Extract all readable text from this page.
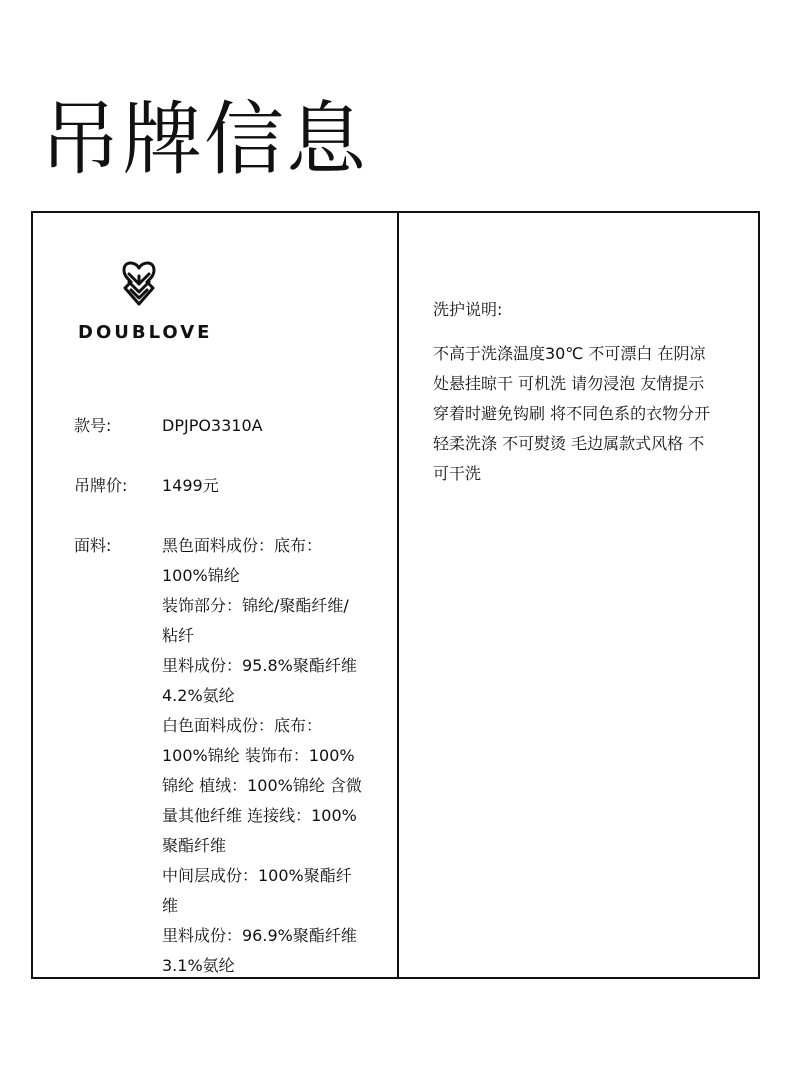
吊牌信息
DOUBLOVE
款号:	DPJPO3310A
吊牌价:	1499元
面料:	黑色面料成份：底布：
100%锦纶
装饰部分：锦纶/聚酯纤维/
粘纤
里料成份：95.8%聚酯纤维
4.2%氨纶
白色面料成份：底布：
100%锦纶 装饰布：100%
锦纶 植绒：100%锦纶 含微
量其他纤维 连接线：100%
聚酯纤维
中间层成份：100%聚酯纤
维
里料成份：96.9%聚酯纤维
3.1%氨纶
洗护说明:
不高于洗涤温度30℃ 不可漂白 在阴凉
处悬挂晾干 可机洗 请勿浸泡 友情提示
穿着时避免钩刷 将不同色系的衣物分开
轻柔洗涤 不可熨烫 毛边属款式风格 不
可干洗
